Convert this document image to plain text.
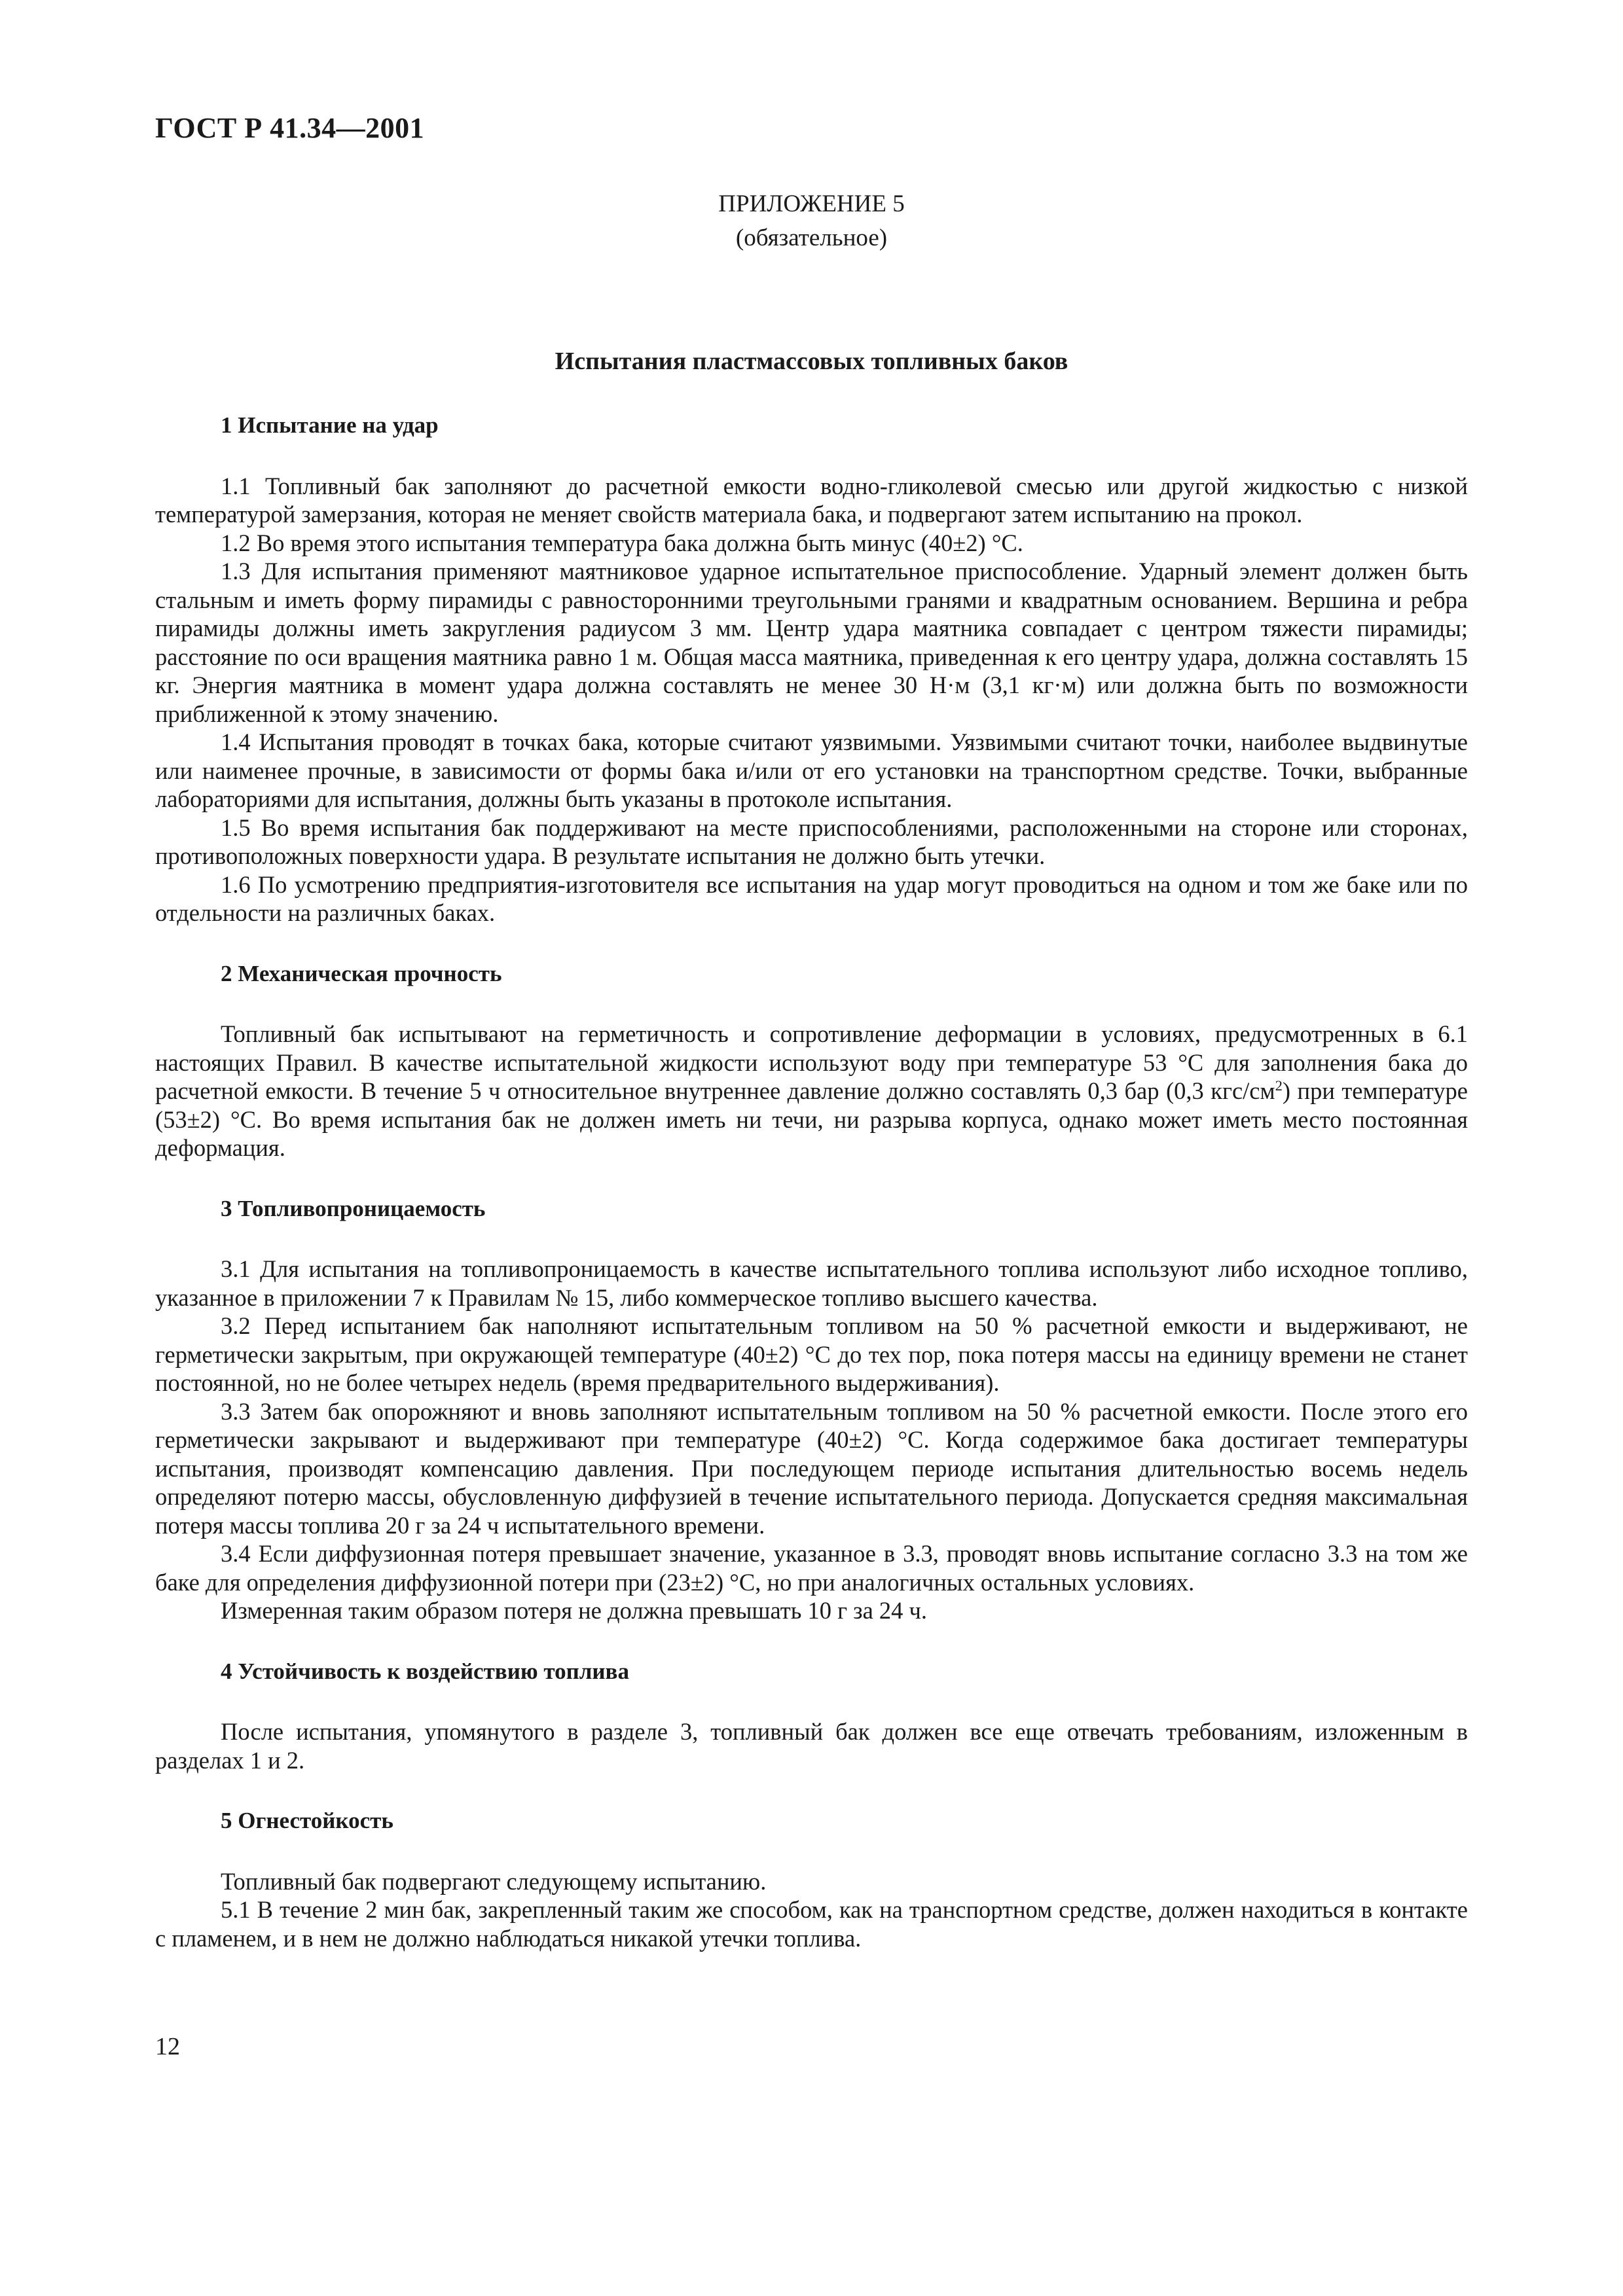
ГОСТ Р 41.34—2001
ПРИЛОЖЕНИЕ 5
(обязательное)
Испытания пластмассовых топливных баков
1 Испытание на удар

1.1 Топливный бак заполняют до расчетной емкости водно-гликолевой смесью или другой жидкостью с низкой температурой замерзания, которая не меняет свойств материала бака, и подвергают затем испытанию на прокол.

1.2 Во время этого испытания температура бака должна быть минус (40±2) °С.

1.3 Для испытания применяют маятниковое ударное испытательное приспособление. Ударный элемент должен быть стальным и иметь форму пирамиды с равносторонними треугольными гранями и квадратным основанием. Вершина и ребра пирамиды должны иметь закругления радиусом 3 мм. Центр удара маятника совпадает с центром тяжести пирамиды; расстояние по оси вращения маятника равно 1 м. Общая масса маятника, приведенная к его центру удара, должна составлять 15 кг. Энергия маятника в момент удара должна составлять не менее 30 Н·м (3,1 кг·м) или должна быть по возможности приближенной к этому значению.

1.4 Испытания проводят в точках бака, которые считают уязвимыми. Уязвимыми считают точки, наиболее выдвинутые или наименее прочные, в зависимости от формы бака и/или от его установки на транспортном средстве. Точки, выбранные лабораториями для испытания, должны быть указаны в протоколе испытания.

1.5 Во время испытания бак поддерживают на месте приспособлениями, расположенными на стороне или сторонах, противоположных поверхности удара. В результате испытания не должно быть утечки.

1.6 По усмотрению предприятия-изготовителя все испытания на удар могут проводиться на одном и том же баке или по отдельности на различных баках.

2 Механическая прочность

Топливный бак испытывают на герметичность и сопротивление деформации в условиях, предусмотренных в 6.1 настоящих Правил. В качестве испытательной жидкости используют воду при температуре 53 °С для заполнения бака до расчетной емкости. В течение 5 ч относительное внутреннее давление должно составлять 0,3 бар (0,3 кгс/$см^2$) при температуре (53±2) °С. Во время испытания бак не должен иметь ни течи, ни разрыва корпуса, однако может иметь место постоянная деформация.

3 Топливопроницаемость

3.1 Для испытания на топливопроницаемость в качестве испытательного топлива используют либо исходное топливо, указанное в приложении 7 к Правилам № 15, либо коммерческое топливо высшего качества.

3.2 Перед испытанием бак наполняют испытательным топливом на 50 % расчетной емкости и выдерживают, не герметически закрытым, при окружающей температуре (40±2) °С до тех пор, пока потеря массы на единицу времени не станет постоянной, но не более четырех недель (время предварительного выдерживания).

3.3 Затем бак опорожняют и вновь заполняют испытательным топливом на 50 % расчетной емкости. После этого его герметически закрывают и выдерживают при температуре (40±2) °С. Когда содержимое бака достигает температуры испытания, производят компенсацию давления. При последующем периоде испытания длительностью восемь недель определяют потерю массы, обусловленную диффузией в течение испытательного периода. Допускается средняя максимальная потеря массы топлива 20 г за 24 ч испытательного времени.

3.4 Если диффузионная потеря превышает значение, указанное в 3.3, проводят вновь испытание согласно 3.3 на том же баке для определения диффузионной потери при (23±2) °С, но при аналогичных остальных условиях.

Измеренная таким образом потеря не должна превышать 10 г за 24 ч.

4 Устойчивость к воздействию топлива

После испытания, упомянутого в разделе 3, топливный бак должен все еще отвечать требованиям, изложенным в разделах 1 и 2.

5 Огнестойкость

Топливный бак подвергают следующему испытанию.

5.1 В течение 2 мин бак, закрепленный таким же способом, как на транспортном средстве, должен находиться в контакте с пламенем, и в нем не должно наблюдаться никакой утечки топлива.

12
